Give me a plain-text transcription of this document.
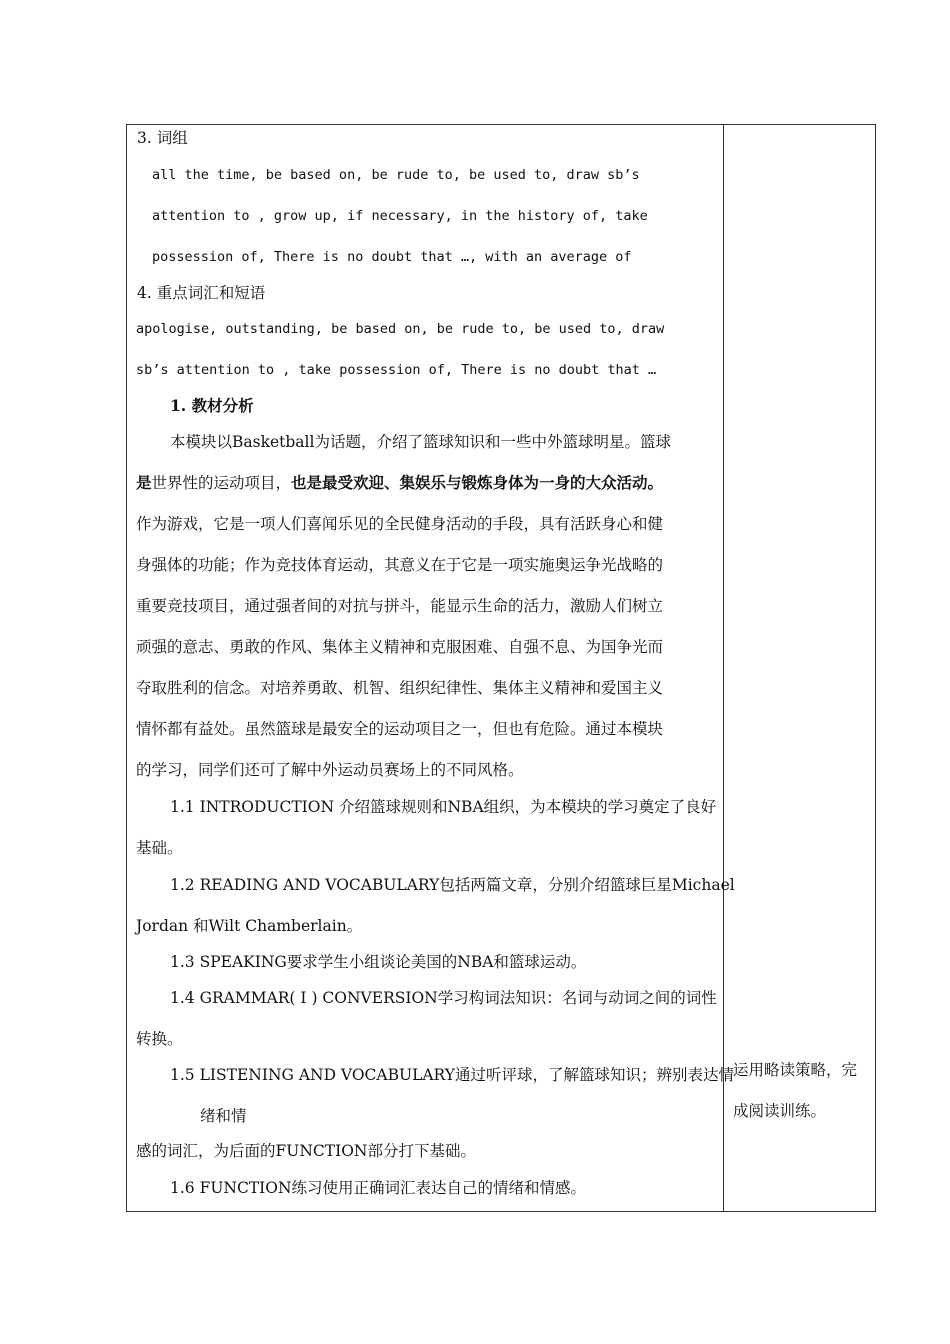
3. 词组
all the time, be based on, be rude to, be used to, draw sb’s
attention to , grow up, if necessary, in the history of, take
possession of, There is no doubt that …, with an average of
4. 重点词汇和短语
apologise, outstanding, be based on, be rude to, be used to, draw
sb’s attention to , take possession of, There is no doubt that …
1. 教材分析
本模块以Basketball为话题，介绍了篮球知识和一些中外篮球明星。篮球
是世界性的运动项目，也是最受欢迎、集娱乐与锻炼身体为一身的大众活动。
作为游戏，它是一项人们喜闻乐见的全民健身活动的手段，具有活跃身心和健
身强体的功能；作为竞技体育运动，其意义在于它是一项实施奥运争光战略的
重要竞技项目，通过强者间的对抗与拼斗，能显示生命的活力，激励人们树立
顽强的意志、勇敢的作风、集体主义精神和克服困难、自强不息、为国争光而
夺取胜利的信念。对培养勇敢、机智、组织纪律性、集体主义精神和爱国主义
情怀都有益处。虽然篮球是最安全的运动项目之一，但也有危险。通过本模块
的学习，同学们还可了解中外运动员赛场上的不同风格。
1.1 INTRODUCTION 介绍篮球规则和NBA组织，为本模块的学习奠定了良好
基础。
1.2 READING AND VOCABULARY包括两篇文章，分别介绍篮球巨星Michael
Jordan 和Wilt Chamberlain。
1.3 SPEAKING要求学生小组谈论美国的NBA和篮球运动。
1.4 GRAMMAR( I ) CONVERSION学习构词法知识：名词与动词之间的词性
转换。
1.5 LISTENING AND VOCABULARY通过听评球，了解篮球知识；辨别表达情
绪和情
感的词汇，为后面的FUNCTION部分打下基础。
1.6 FUNCTION练习使用正确词汇表达自己的情绪和情感。
运用略读策略，完
成阅读训练。
